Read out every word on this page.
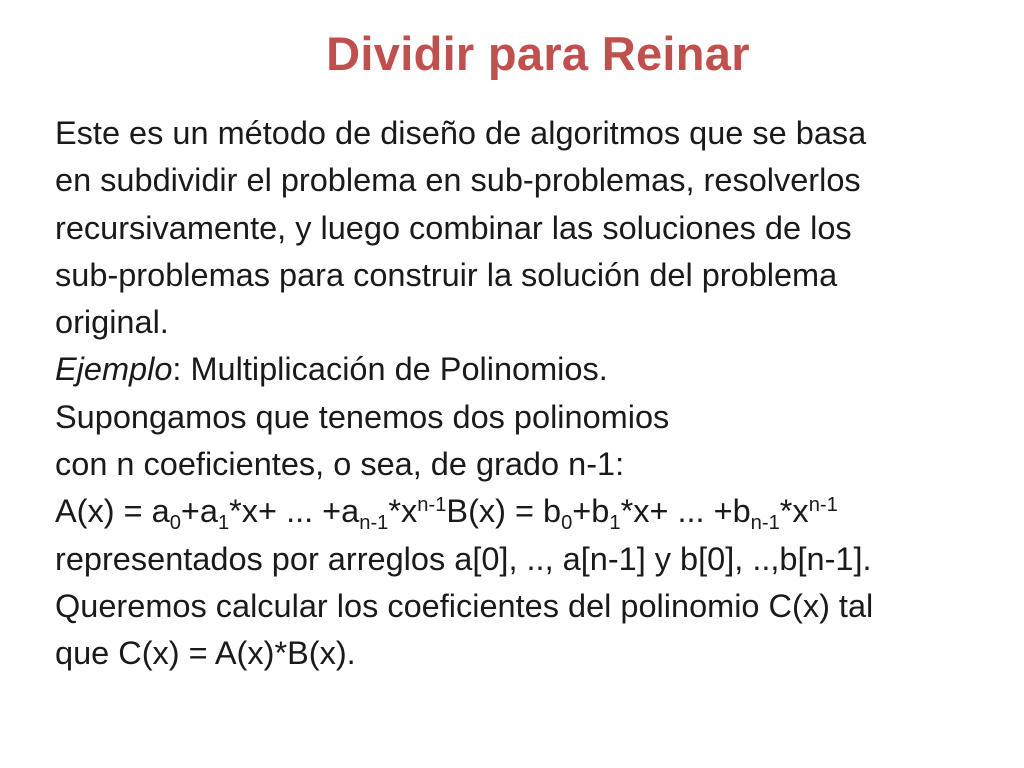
Dividir para Reinar
Este es un método de diseño de algoritmos que se basa
en subdividir el problema en sub-problemas, resolverlos
recursivamente, y luego combinar las soluciones de los
sub-problemas para construir la solución del problema
original.
Ejemplo: Multiplicación de Polinomios.
Supongamos que tenemos dos polinomios
con n coeficientes, o sea, de grado n-1:
$A(x) = a_0+a_1*x+$ ... $+a_{n-1}*x^{n-1}B(x) = b_0+b_1*x+$ ... $+b_{n-1}*x^{n-1}$
representados por arreglos a[0], .., a[n-1] y b[0], ..,b[n-1].
Queremos calcular los coeficientes del polinomio C(x) tal
que C(x) = A(x)*B(x).
